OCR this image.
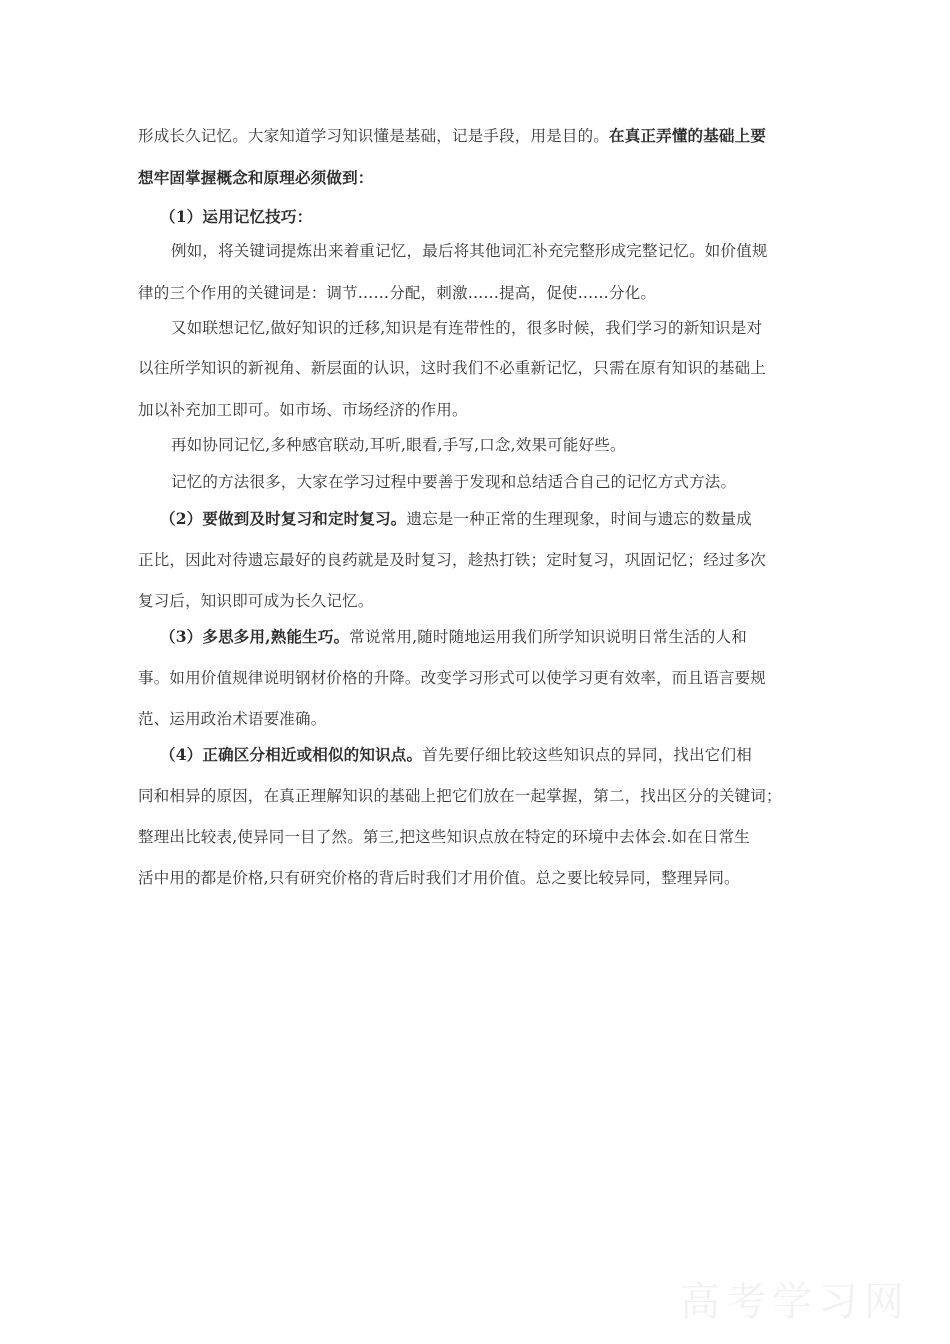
形成长久记忆。大家知道学习知识懂是基础，记是手段，用是目的。在真正弄懂的基础上要
想牢固掌握概念和原理必须做到：
（1）运用记忆技巧：
例如，将关键词提炼出来着重记忆，最后将其他词汇补充完整形成完整记忆。如价值规
律的三个作用的关键词是：调节……分配，刺激……提高，促使……分化。
又如联想记忆,做好知识的迁移,知识是有连带性的，很多时候，我们学习的新知识是对
以往所学知识的新视角、新层面的认识，这时我们不必重新记忆，只需在原有知识的基础上
加以补充加工即可。如市场、市场经济的作用。
再如协同记忆,多种感官联动,耳听,眼看,手写,口念,效果可能好些。
记忆的方法很多，大家在学习过程中要善于发现和总结适合自己的记忆方式方法。
（2）要做到及时复习和定时复习。遗忘是一种正常的生理现象，时间与遗忘的数量成
正比，因此对待遗忘最好的良药就是及时复习，趁热打铁；定时复习，巩固记忆；经过多次
复习后，知识即可成为长久记忆。
（3）多思多用,熟能生巧。常说常用,随时随地运用我们所学知识说明日常生活的人和
事。如用价值规律说明钢材价格的升降。改变学习形式可以使学习更有效率，而且语言要规
范、运用政治术语要准确。
（4）正确区分相近或相似的知识点。首先要仔细比较这些知识点的异同，找出它们相
同和相异的原因，在真正理解知识的基础上把它们放在一起掌握，第二，找出区分的关键词；
整理出比较表,使异同一目了然。第三,把这些知识点放在特定的环境中去体会.如在日常生
活中用的都是价格,只有研究价格的背后时我们才用价值。总之要比较异同，整理异同。
高考学习网
